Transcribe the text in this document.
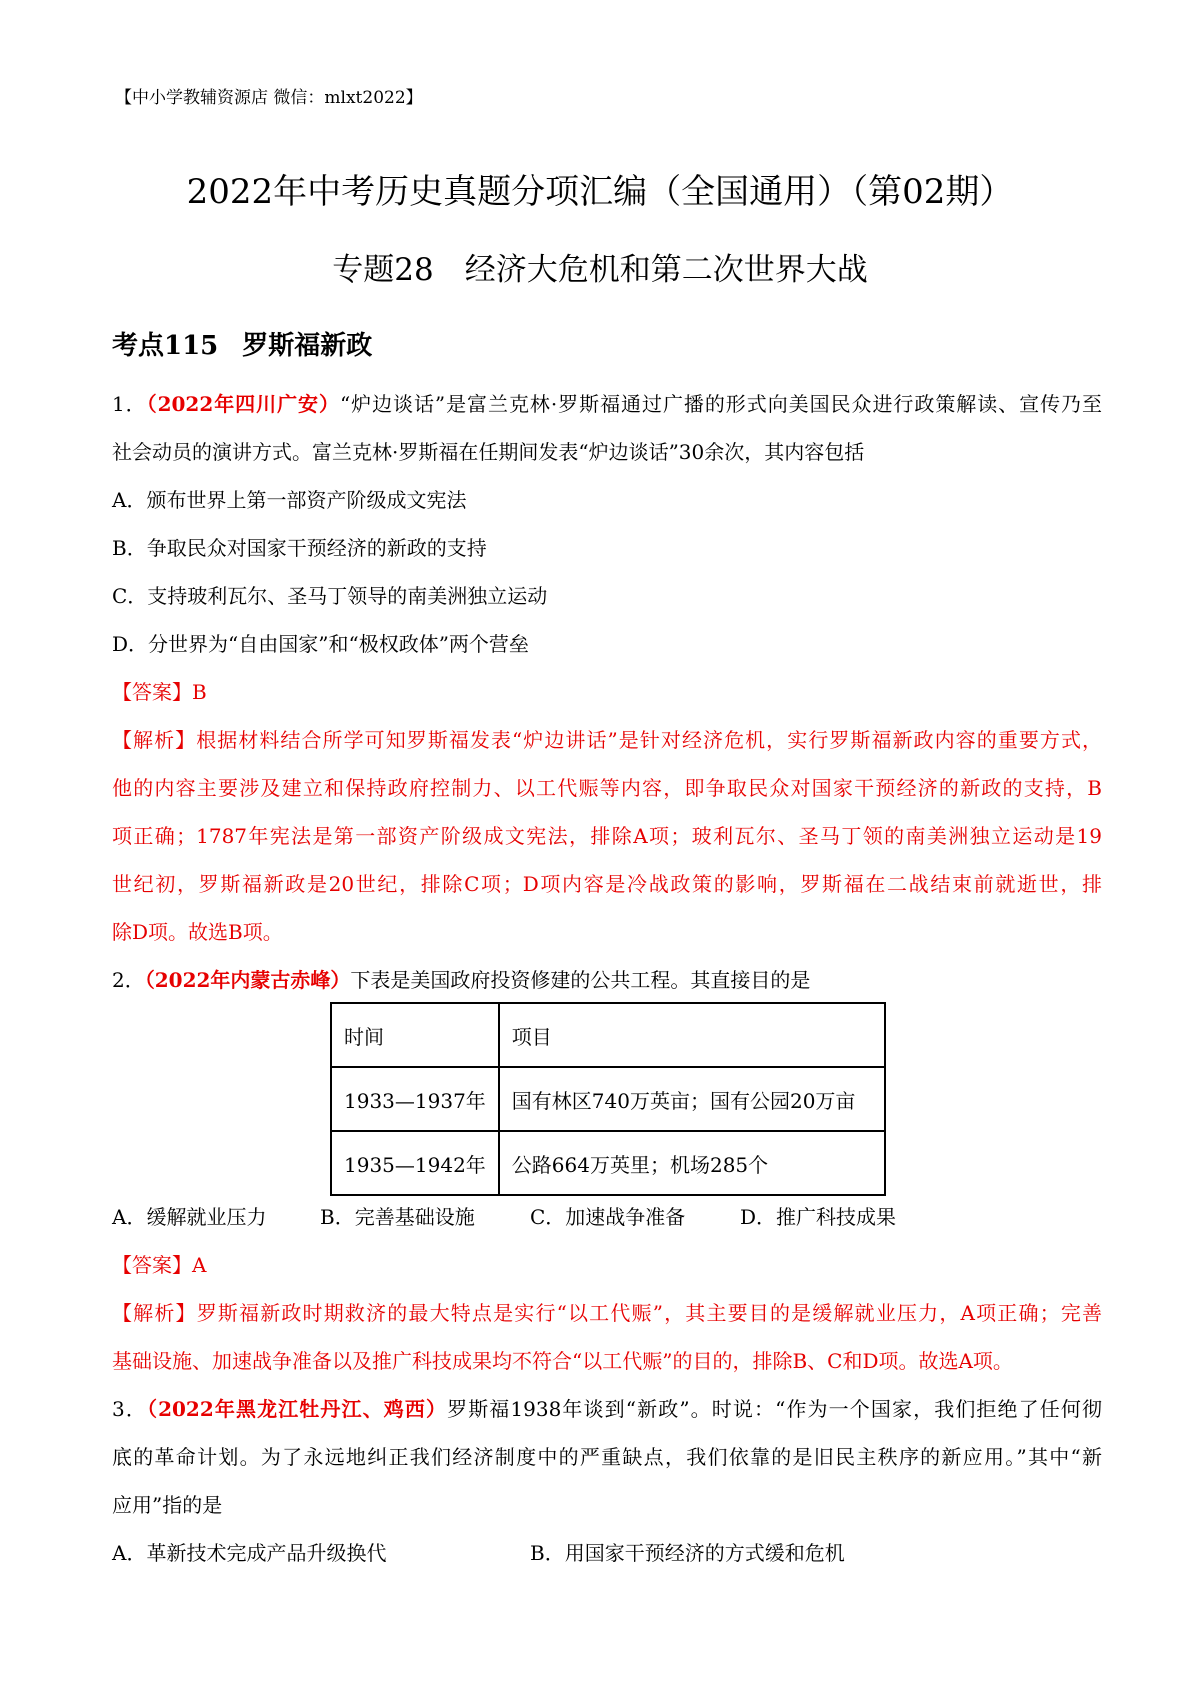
【中小学教辅资源店 微信：mlxt2022】
2022年中考历史真题分项汇编（全国通用）（第02期）
专题28　经济大危机和第二次世界大战
考点115 罗斯福新政
1．（2022年四川广安）“炉边谈话”是富兰克林·罗斯福通过广播的形式向美国民众进行政策解读、宣传乃至
社会动员的演讲方式。富兰克林·罗斯福在任期间发表“炉边谈话”30余次，其内容包括
A．颁布世界上第一部资产阶级成文宪法
B．争取民众对国家干预经济的新政的支持
C．支持玻利瓦尔、圣马丁领导的南美洲独立运动
D．分世界为“自由国家”和“极权政体”两个营垒
【答案】B
【解析】根据材料结合所学可知罗斯福发表“炉边讲话”是针对经济危机，实行罗斯福新政内容的重要方式，
他的内容主要涉及建立和保持政府控制力、以工代赈等内容，即争取民众对国家干预经济的新政的支持，B
项正确；1787年宪法是第一部资产阶级成文宪法，排除A项；玻利瓦尔、圣马丁领的南美洲独立运动是19
世纪初，罗斯福新政是20世纪，排除C项；D项内容是冷战政策的影响，罗斯福在二战结束前就逝世，排
除D项。故选B项。
2．（2022年内蒙古赤峰）下表是美国政府投资修建的公共工程。其直接目的是
时间	项目
1933—1937年	国有林区740万英亩；国有公园20万亩
1935—1942年	公路664万英里；机场285个
A．缓解就业压力	B．完善基础设施	C．加速战争准备	D．推广科技成果
【答案】A
【解析】罗斯福新政时期救济的最大特点是实行“以工代赈”，其主要目的是缓解就业压力，A项正确；完善
基础设施、加速战争准备以及推广科技成果均不符合“以工代赈”的目的，排除B、C和D项。故选A项。
3．（2022年黑龙江牡丹江、鸡西）罗斯福1938年谈到“新政”。时说：“作为一个国家，我们拒绝了任何彻
底的革命计划。为了永远地纠正我们经济制度中的严重缺点，我们依靠的是旧民主秩序的新应用。”其中“新
应用”指的是
A．革新技术完成产品升级换代	B．用国家干预经济的方式缓和危机
